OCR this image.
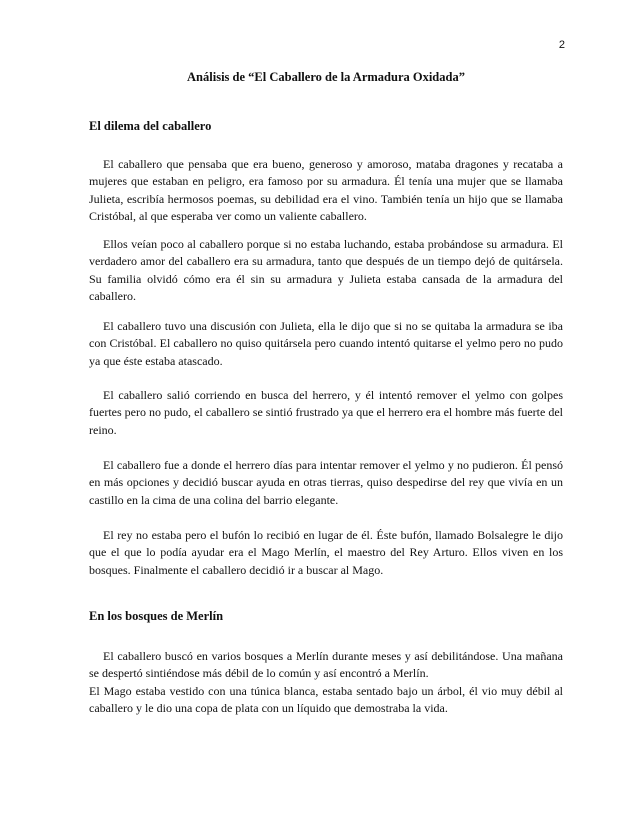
2
Análisis de “El Caballero de la Armadura Oxidada”
El dilema del caballero

El caballero que pensaba que era bueno, generoso y amoroso, mataba dragones y recataba a mujeres que estaban en peligro, era famoso por su armadura. Él tenía una mujer que se llamaba Julieta, escribía hermosos poemas, su debilidad era el vino. También tenía un hijo que se llamaba Cristóbal, al que esperaba ver como un valiente caballero.

Ellos veían poco al caballero porque si no estaba luchando, estaba probándose su armadura. El verdadero amor del caballero era su armadura, tanto que después de un tiempo dejó de quitársela. Su familia olvidó cómo era él sin su armadura y Julieta estaba cansada de la armadura del caballero.

El caballero tuvo una discusión con Julieta, ella le dijo que si no se quitaba la armadura se iba con Cristóbal. El caballero no quiso quitársela pero cuando intentó quitarse el yelmo pero no pudo ya que éste estaba atascado.

El caballero salió corriendo en busca del herrero, y él intentó remover el yelmo con golpes fuertes pero no pudo, el caballero se sintió frustrado ya que el herrero era el hombre más fuerte del reino.

El caballero fue a donde el herrero días para intentar remover el yelmo y no pudieron. Él pensó en más opciones y decidió buscar ayuda en otras tierras, quiso despedirse del rey que vivía en un castillo en la cima de una colina del barrio elegante.

El rey no estaba pero el bufón lo recibió en lugar de él. Éste bufón, llamado Bolsalegre le dijo que el que lo podía ayudar era el Mago Merlín, el maestro del Rey Arturo. Ellos viven en los bosques. Finalmente el caballero decidió ir a buscar al Mago.

En los bosques de Merlín

El caballero buscó en varios bosques a Merlín durante meses y así debilitándose. Una mañana se despertó sintiéndose más débil de lo común y así encontró a Merlín.

El Mago estaba vestido con una túnica blanca, estaba sentado bajo un árbol, él vio muy débil al caballero y le dio una copa de plata con un líquido que demostraba la vida.
